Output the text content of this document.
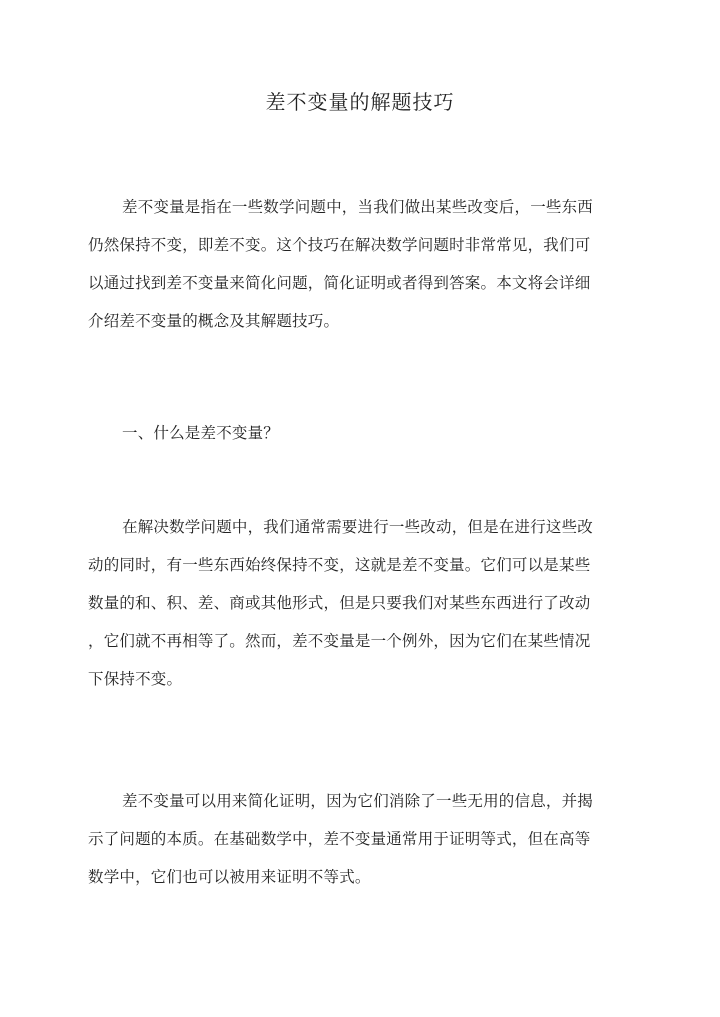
差不变量的解题技巧
差不变量是指在一些数学问题中，当我们做出某些改变后，一些东西
仍然保持不变，即差不变。这个技巧在解决数学问题时非常常见，我们可
以通过找到差不变量来简化问题，简化证明或者得到答案。本文将会详细
介绍差不变量的概念及其解题技巧。
一、什么是差不变量？
在解决数学问题中，我们通常需要进行一些改动，但是在进行这些改
动的同时，有一些东西始终保持不变，这就是差不变量。它们可以是某些
数量的和、积、差、商或其他形式，但是只要我们对某些东西进行了改动
，它们就不再相等了。然而，差不变量是一个例外，因为它们在某些情况
下保持不变。
差不变量可以用来简化证明，因为它们消除了一些无用的信息，并揭
示了问题的本质。在基础数学中，差不变量通常用于证明等式，但在高等
数学中，它们也可以被用来证明不等式。
